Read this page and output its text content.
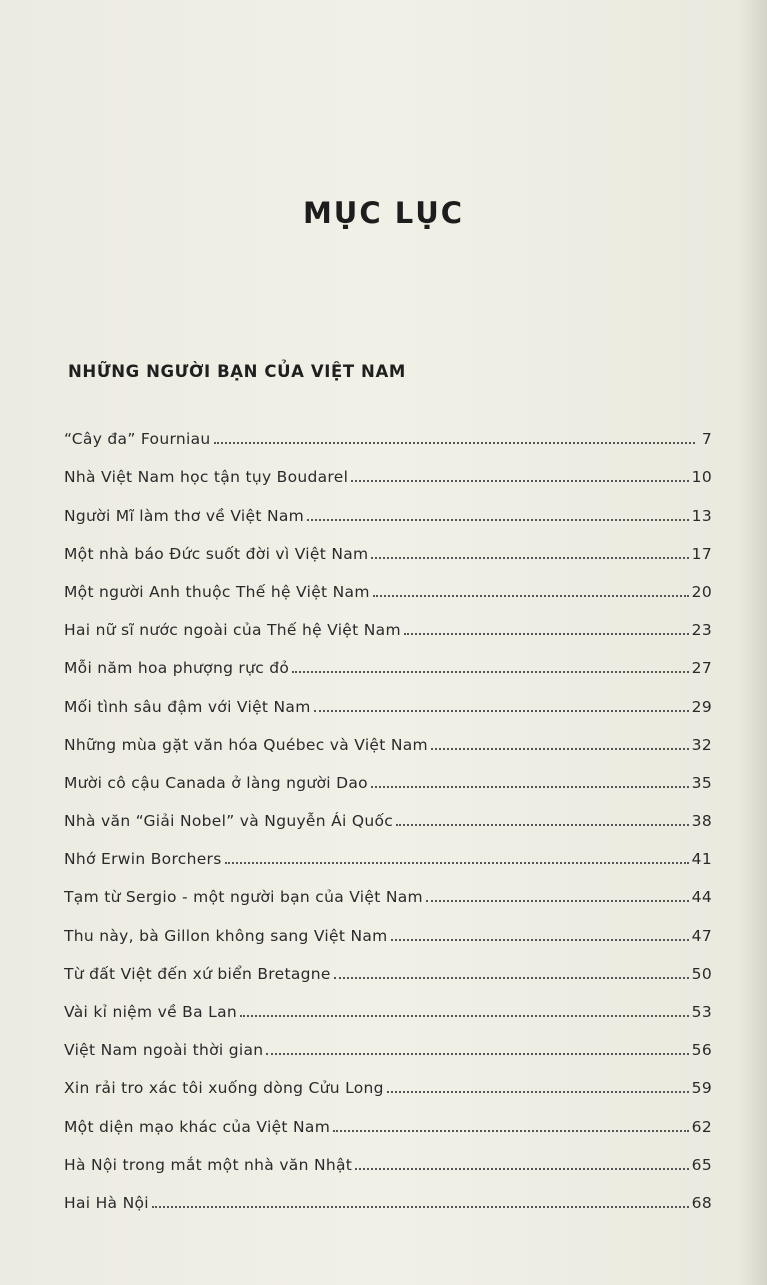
MỤC LỤC
NHỮNG NGƯỜI BẠN CỦA VIỆT NAM
“Cây đa” Fourniau	7
Nhà Việt Nam học tận tụy Boudarel	10
Người Mĩ làm thơ về Việt Nam	13
Một nhà báo Đức suốt đời vì Việt Nam	17
Một người Anh thuộc Thế hệ Việt Nam	20
Hai nữ sĩ nước ngoài của Thế hệ Việt Nam	23
Mỗi năm hoa phượng rực đỏ	27
Mối tình sâu đậm với Việt Nam	29
Những mùa gặt văn hóa Québec và Việt Nam	32
Mười cô cậu Canada ở làng người Dao	35
Nhà văn “Giải Nobel” và Nguyễn Ái Quốc	38
Nhớ Erwin Borchers	41
Tạm từ Sergio - một người bạn của Việt Nam	44
Thu này, bà Gillon không sang Việt Nam	47
Từ đất Việt đến xứ biển Bretagne	50
Vài kỉ niệm về Ba Lan	53
Việt Nam ngoài thời gian	56
Xin rải tro xác tôi xuống dòng Cửu Long	59
Một diện mạo khác của Việt Nam	62
Hà Nội trong mắt một nhà văn Nhật	65
Hai Hà Nội	68
